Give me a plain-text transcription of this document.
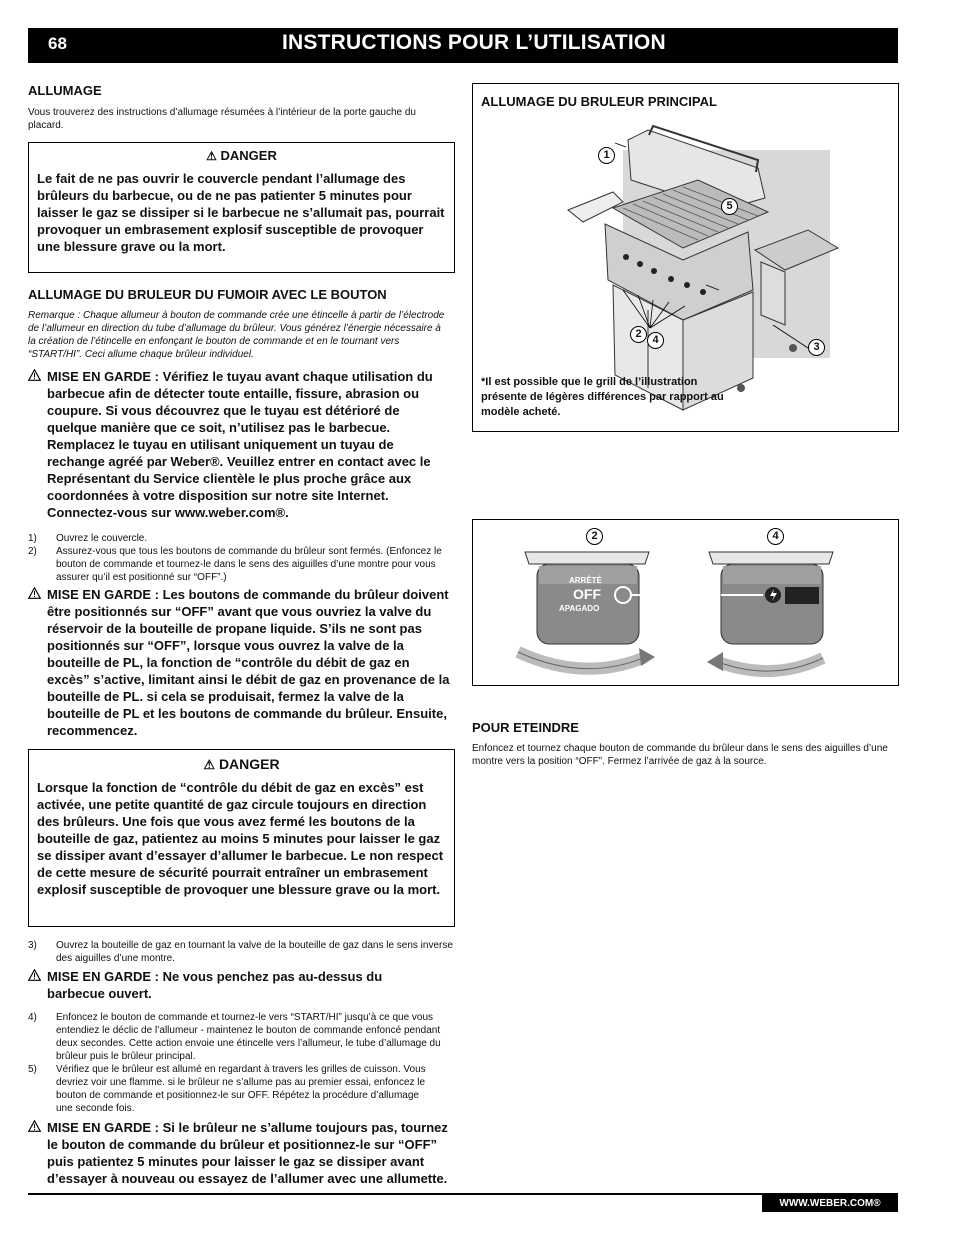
68	INSTRUCTIONS POUR L’UTILISATION
ALLUMAGE

Vous trouverez des instructions d’allumage résumées à l’intérieur de la porte gauche du placard.

⚠ DANGER
Le fait de ne pas ouvrir le couvercle pendant l’allumage des brûleurs du barbecue, ou de ne pas patienter 5 minutes pour laisser le gaz se dissiper si le barbecue ne s’allumait pas, pourrait provoquer un embrasement explosif susceptible de provoquer une blessure grave ou la mort.
ALLUMAGE DU BRULEUR DU FUMOIR AVEC LE BOUTON

Remarque : Chaque allumeur à bouton de commande crée une étincelle à partir de l’électrode de l’allumeur en direction du tube d’allumage du brûleur. Vous générez l’énergie nécessaire à la création de l’étincelle en enfonçant le bouton de commande et en le tournant vers “START/HI”. Ceci allume chaque brûleur individuel.

MISE EN GARDE : Vérifiez le tuyau avant chaque utilisation du barbecue afin de détecter toute entaille, fissure, abrasion ou coupure. Si vous découvrez que le tuyau est détérioré de quelque manière que ce soit, n’utilisez pas le barbecue. Remplacez le tuyau en utilisant uniquement un tuyau de rechange agréé par Weber®. Veuillez entrer en contact avec le Représentant du Service clientèle le plus proche grâce aux coordonnées à votre disposition sur notre site Internet. Connectez-vous sur www.weber.com®.
1) Ouvrez le couvercle.
2) Assurez-vous que tous les boutons de commande du brûleur sont fermés. (Enfoncez le bouton de commande et tournez-le dans le sens des aiguilles d’une montre pour vous assurer qu’il est positionné sur “OFF”.)
MISE EN GARDE : Les boutons de commande du brûleur doivent être positionnés sur “OFF” avant que vous ouvriez la valve du réservoir de la bouteille de propane liquide. S’ils ne sont pas positionnés sur “OFF”, lorsque vous ouvrez la valve de la bouteille de PL, la fonction de “contrôle du débit de gaz en excès” s’active, limitant ainsi le débit de gaz en provenance de la bouteille de PL. si cela se produisait, fermez la valve de la bouteille de PL et les boutons de commande du brûleur. Ensuite, recommencez.
⚠ DANGER
Lorsque la fonction de “contrôle du débit de gaz en excès” est activée, une petite quantité de gaz circule toujours en direction des brûleurs. Une fois que vous avez fermé les boutons de la bouteille de gaz, patientez au moins 5 minutes pour laisser le gaz se dissiper avant d’essayer d’allumer le barbecue. Le non respect de cette mesure de sécurité pourrait entraîner un embrasement explosif susceptible de provoquer une blessure grave ou la mort.
3) Ouvrez la bouteille de gaz en tournant la valve de la bouteille de gaz dans le sens inverse des aiguilles d’une montre.
MISE EN GARDE : Ne vous penchez pas au-dessus du barbecue ouvert.
4) Enfoncez le bouton de commande et tournez-le vers “START/HI” jusqu’à ce que vous entendiez le déclic de l’allumeur - maintenez le bouton de commande enfoncé pendant deux secondes. Cette action envoie une étincelle vers l’allumeur, le tube d’allumage du brûleur puis le brûleur principal.
5) Vérifiez que le brûleur est allumé en regardant à travers les grilles de cuisson. Vous devriez voir une flamme. si le brûleur ne s’allume pas au premier essai, enfoncez le bouton de commande et positionnez-le sur OFF. Répétez la procédure d’allumage une seconde fois.
MISE EN GARDE : Si le brûleur ne s’allume toujours pas, tournez le bouton de commande du brûleur et positionnez-le sur “OFF” puis patientez 5 minutes pour laisser le gaz se dissiper avant d’essayer à nouveau ou essayez de l’allumer avec une allumette.
ALLUMAGE DU BRULEUR PRINCIPAL
1
5
2 4
3
*Il est possible que le grill de l’illustration présente de légères différences par rapport au modèle acheté.
2	4
ARRÊTÉ
OFF
APAGADO
POUR ETEINDRE

Enfoncez et tournez chaque bouton de commande du brûleur dans le sens des aiguilles d’une montre vers la position “OFF”. Fermez l’arrivée de gaz à la source.

WWW.WEBER.COM®
